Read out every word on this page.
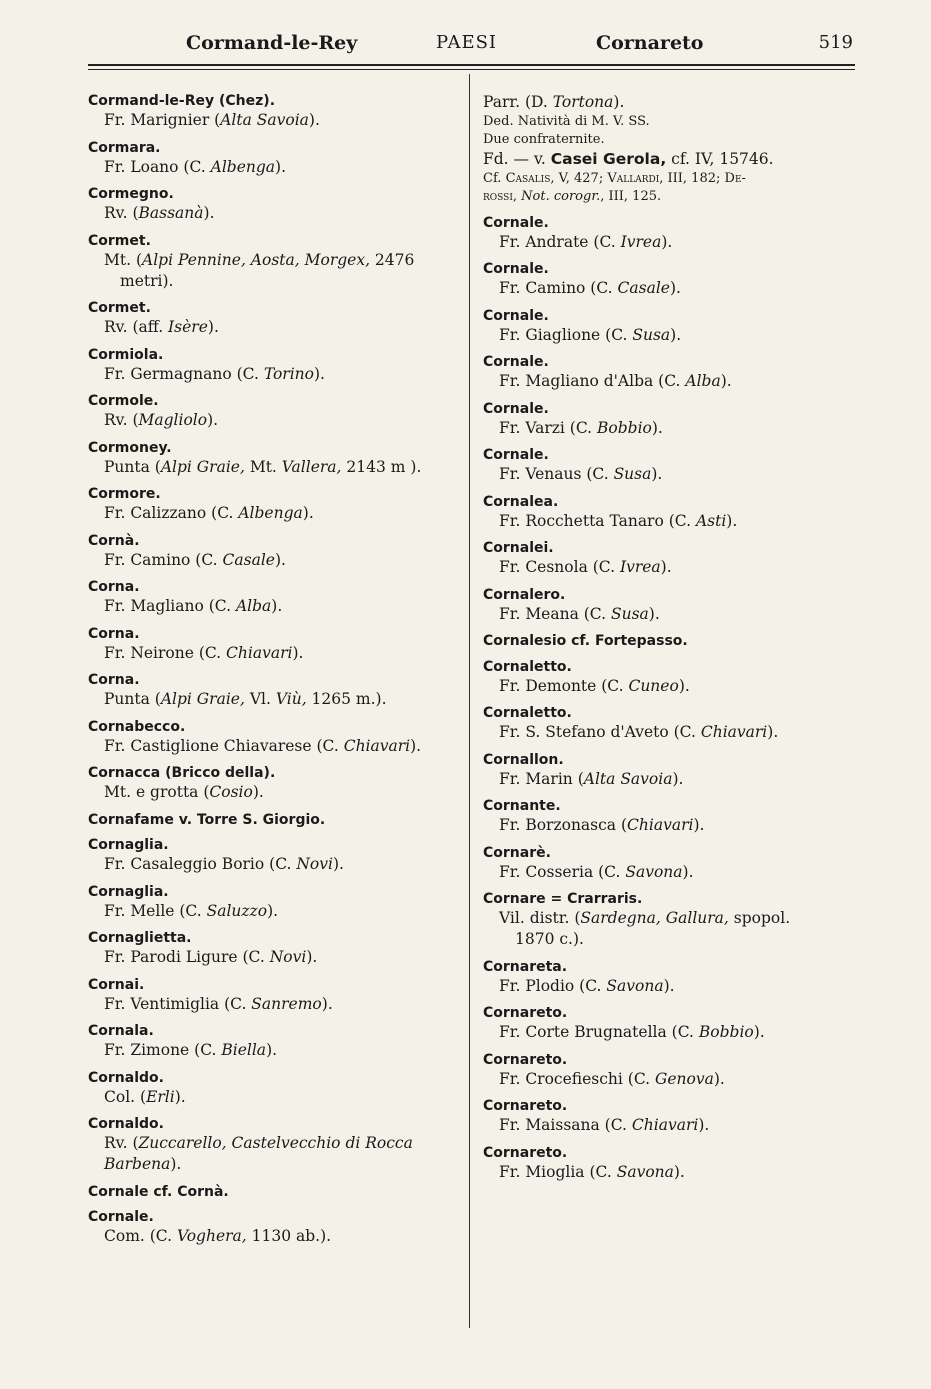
Cormand-le-Rey	PAESI	Cornareto	519
Cormand-le-Rey (Chez).
Fr. Marignier (Alta Savoia).
Cormara.
Fr. Loano (C. Albenga).
Cormegno.
Rv. (Bassanà).
Cormet.
Mt. (Alpi Pennine, Aosta, Morgex, 2476
metri).
Cormet.
Rv. (aff. Isère).
Cormiola.
Fr. Germagnano (C. Torino).
Cormole.
Rv. (Magliolo).
Cormoney.
Punta (Alpi Graie, Mt. Vallera, 2143 m ).
Cormore.
Fr. Calizzano (C. Albenga).
Cornà.
Fr. Camino (C. Casale).
Corna.
Fr. Magliano (C. Alba).
Corna.
Fr. Neirone (C. Chiavari).
Corna.
Punta (Alpi Graie, Vl. Viù, 1265 m.).
Cornabecco.
Fr. Castiglione Chiavarese (C. Chiavari).
Cornacca (Bricco della).
Mt. e grotta (Cosio).
Cornafame v. Torre S. Giorgio.
Cornaglia.
Fr. Casaleggio Borio (C. Novi).
Cornaglia.
Fr. Melle (C. Saluzzo).
Cornaglietta.
Fr. Parodi Ligure (C. Novi).
Cornai.
Fr. Ventimiglia (C. Sanremo).
Cornala.
Fr. Zimone (C. Biella).
Cornaldo.
Col. (Erli).
Cornaldo.
Rv. (Zuccarello, Castelvecchio di Rocca
Barbena).
Cornale cf. Cornà.
Cornale.
Com. (C. Voghera, 1130 ab.).
Parr. (D. Tortona).
Ded. Natività di M. V. SS.
Due confraternite.
Fd. — v. Casei Gerola, cf. IV, 15746.
Cf. Casalis, V, 427; Vallardi, III, 182; De-
rossi, Not. corogr., III, 125.
Cornale.
Fr. Andrate (C. Ivrea).
Cornale.
Fr. Camino (C. Casale).
Cornale.
Fr. Giaglione (C. Susa).
Cornale.
Fr. Magliano d'Alba (C. Alba).
Cornale.
Fr. Varzi (C. Bobbio).
Cornale.
Fr. Venaus (C. Susa).
Cornalea.
Fr. Rocchetta Tanaro (C. Asti).
Cornalei.
Fr. Cesnola (C. Ivrea).
Cornalero.
Fr. Meana (C. Susa).
Cornalesio cf. Fortepasso.
Cornaletto.
Fr. Demonte (C. Cuneo).
Cornaletto.
Fr. S. Stefano d'Aveto (C. Chiavari).
Cornallon.
Fr. Marin (Alta Savoia).
Cornante.
Fr. Borzonasca (Chiavari).
Cornarè.
Fr. Cosseria (C. Savona).
Cornare = Crarraris.
Vil. distr. (Sardegna, Gallura, spopol.
1870 c.).
Cornareta.
Fr. Plodio (C. Savona).
Cornareto.
Fr. Corte Brugnatella (C. Bobbio).
Cornareto.
Fr. Crocefieschi (C. Genova).
Cornareto.
Fr. Maissana (C. Chiavari).
Cornareto.
Fr. Mioglia (C. Savona).
